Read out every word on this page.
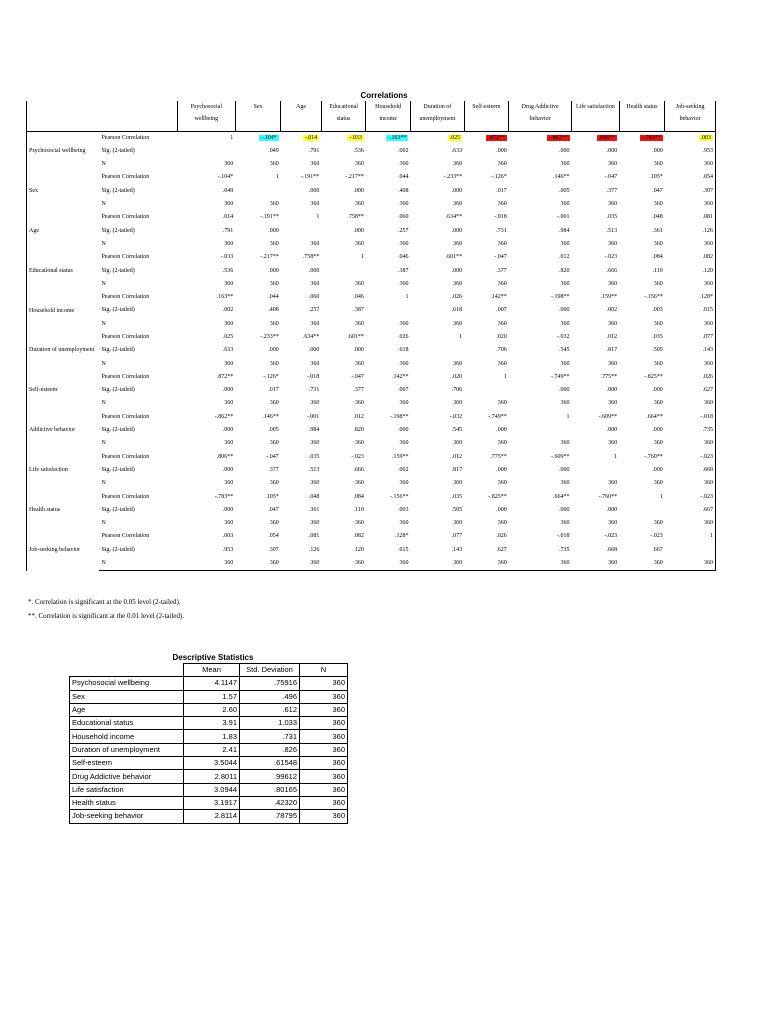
Correlations
		Psychosocial wellbeing	Sex	Age	Educational status	Household income	Duration of unemployment	Self-esteem	Drug Addictive behavior	Life satisfaction	Health status	Job-seeking behavior
Psychosocial wellbeing	Pearson Correlation	1	-.104*	-.014	-.033	-.163**	.025	.872**	-.862**	.806**	-.783**	.003
	Sig. (2-tailed)		.049	.791	.536	.002	.633	.000	.000	.000	.000	.953
	N	360	360	360	360	360	360	360	360	360	360	360
Sex	Pearson Correlation	-.104*	1	-.191**	-.217**	.044	-.233**	-.126*	.146**	-.047	.105*	.054
	Sig. (2-tailed)	.049		.000	.000	.408	.000	.017	.005	.377	.047	.307
	N	360	360	360	360	360	360	360	360	360	360	360
Age	Pearson Correlation	.014	-.191**	1	.758**	.060	.634**	-.018	-.001	.035	.048	.081
	Sig. (2-tailed)	.791	.000		.000	.257	.000	.731	.984	.513	.361	.126
	N	360	360	360	360	360	360	360	360	360	360	360
Educational status	Pearson Correlation	-.033	-.217**	.758**	1	.046	.601**	-.047	.012	-.023	.084	.082
	Sig. (2-tailed)	.536	.000	.000		.387	.000	.377	.820	.666	.110	.120
	N	360	360	360	360	360	360	360	360	360	360	360
Household income	Pearson Correlation	.163**	.044	.060	.046	1	.026	.142**	-.198**	.159**	-.156**	.128*
	Sig. (2-tailed)	.002	.408	.257	.387		.618	.007	.000	.002	.003	.015
	N	360	360	360	360	360	360	360	360	360	360	360
Duration of unemployment	Pearson Correlation	.025	-.233**	.634**	.601**	.026	1	.020	-.032	.012	.035	.077
	Sig. (2-tailed)	.633	.000	.000	.000	.618		.706	.545	.817	.505	.143
	N	360	360	360	360	360	360	360	360	360	360	360
Self-esteem	Pearson Correlation	.872**	-.126*	-.018	-.047	.142**	.020	1	-.749**	.775**	-.825**	.026
	Sig. (2-tailed)	.000	.017	.731	.377	.007	.706		.000	.000	.000	.627
	N	360	360	360	360	360	360	360	360	360	360	360
Addictive behavior	Pearson Correlation	-.862**	.146**	-.001	.012	-.198**	-.032	-.749**	1	-.609**	.664**	-.018
	Sig. (2-tailed)	.000	.005	.984	.820	.000	.545	.000		.000	.000	.735
	N	360	360	360	360	360	360	360	360	360	360	360
Life satisfaction	Pearson Correlation	.806**	-.047	.035	-.023	.159**	.012	.775**	-.609**	1	-.760**	-.023
	Sig. (2-tailed)	.000	.377	.513	.666	.002	.817	.000	.000		.000	.668
	N	360	360	360	360	360	360	360	360	360	360	360
Health status	Pearson Correlation	-.783**	.105*	.048	.084	-.156**	.035	-.825**	.664**	-.760**	1	-.023
	Sig. (2-tailed)	.000	.047	.361	.110	.003	.505	.000	.000	.000		.667
	N	360	360	360	360	360	360	360	360	360	360	360
Job-seeking behavior	Pearson Correlation	.003	.054	.081	.082	.128*	.077	.026	-.018	-.023	-.023	1
	Sig. (2-tailed)	.953	.307	.126	.120	.015	.143	.627	.735	.668	.667	
	N	360	360	360	360	360	360	360	360	360	360	360
*. Correlation is significant at the 0.05 level (2-tailed).
**. Correlation is significant at the 0.01 level (2-tailed).
Descriptive Statistics
	Mean	Std. Deviation	N
Psychosocial wellbeing	4.1147	.75916	360
Sex	1.57	.496	360
Age	2.60	.612	360
Educational status	3.91	1.033	360
Household income	1.83	.731	360
Duration of unemployment	2.41	.826	360
Self-esteem	3.5044	.61548	360
Drug Addictive behavior	2.8011	.99612	360
Life satisfaction	3.0944	.80165	360
Health status	3.1917	.42320	360
Job-seeking behavior	2.8114	.78795	360
